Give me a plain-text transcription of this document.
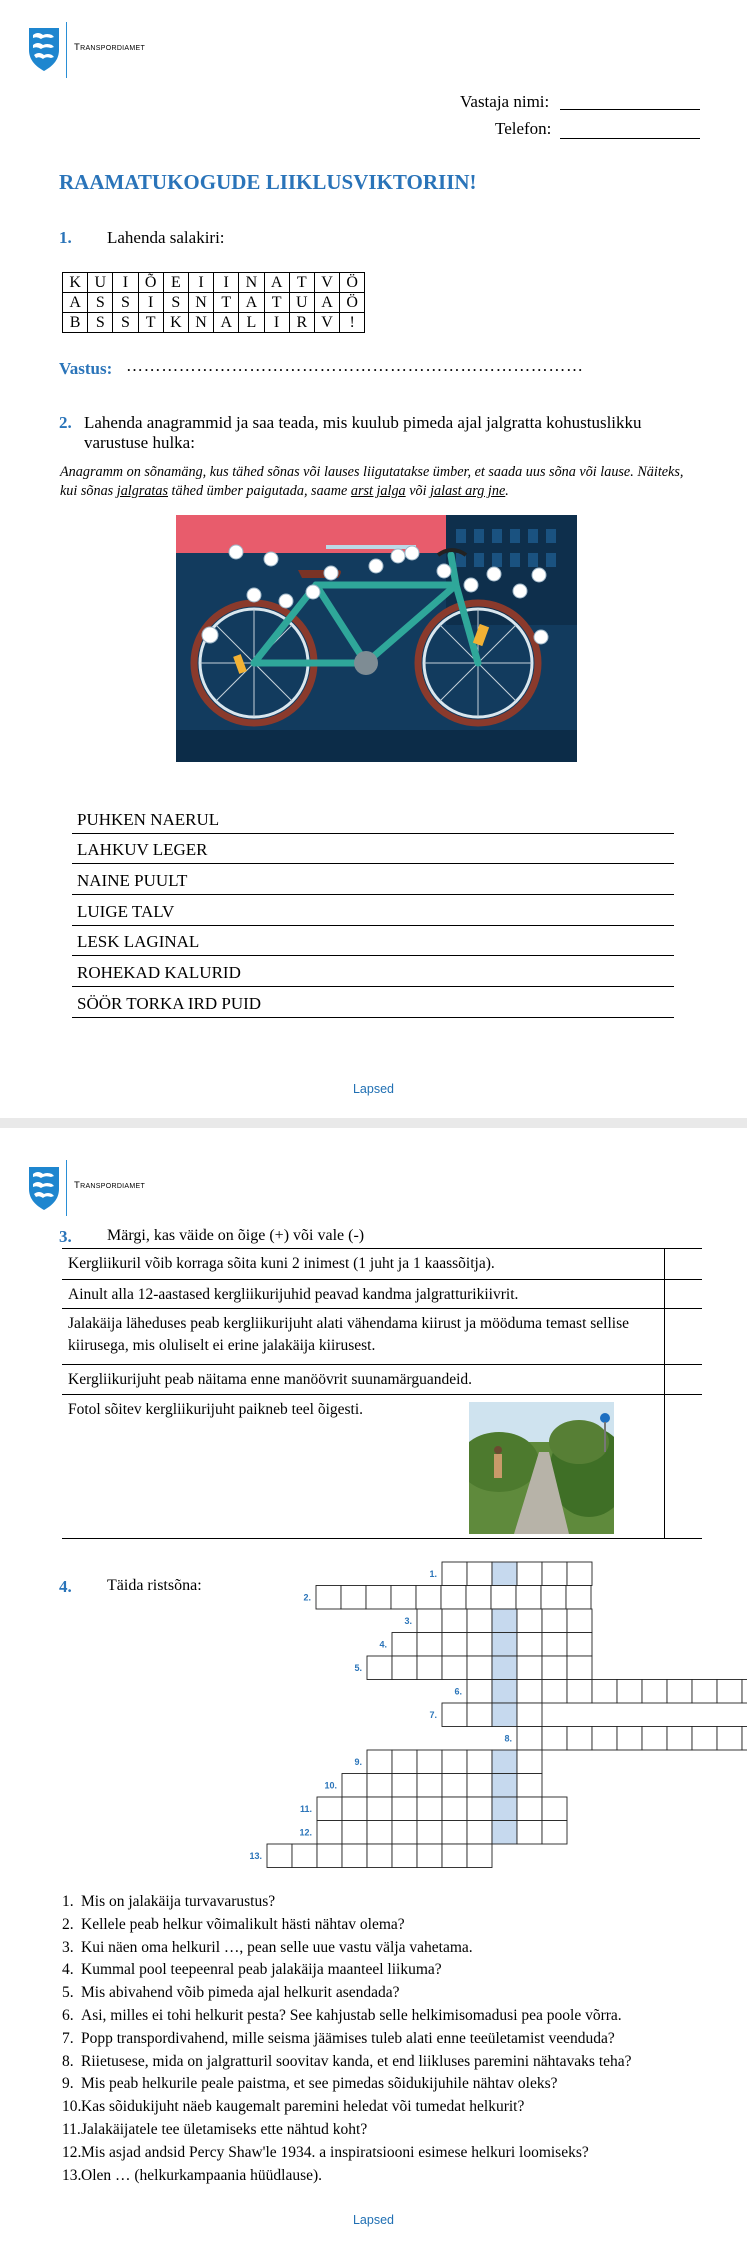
Transpordiamet
Vastaja nimi:
Telefon:
RAAMATUKOGUDE LIIKLUSVIKTORIIN!
1. Lahenda salakiri:
K	U	I	Õ	E	I	I	N	A	T	V	Ö
A	S	S	I	S	N	T	A	T	U	A	Ö
B	S	S	T	K	N	A	L	I	R	V	!
Vastus: ……………………………………………………………………
2. Lahenda anagrammid ja saa teada, mis kuulub pimeda ajal jalgratta kohustuslikku
varustuse hulka:
Anagramm on sõnamäng, kus tähed sõnas või lauses liigutatakse ümber, et saada uus sõna või lause. Näiteks, kui sõnas jalgratas tähed ümber paigutada, saame arst jalga või jalast arg jne.
PUHKEN NAERUL
LAHKUV LEGER
NAINE PUULT
LUIGE TALV
LESK LAGINAL
ROHEKAD KALURID
SÖÖR TORKA IRD PUID
Lapsed
Transpordiamet
3. Märgi, kas väide on õige (+) või vale (-)
Kergliikuril võib korraga sõita kuni 2 inimest (1 juht ja 1 kaassõitja).
Ainult alla 12-aastased kergliikurijuhid peavad kandma jalgratturikiivrit.
Jalakäija läheduses peab kergliikurijuht alati vähendama kiirust ja mööduma temast sellise kiirusega, mis oluliselt ei erine jalakäija kiirusest.
Kergliikurijuht peab näitama enne manöövrit suunamärguandeid.
Fotol sõitev kergliikurijuht paikneb teel õigesti.
4. Täida ristsõna:
1.
2.
3.
4.
5.
6.
7.
8.
9.
10.
11.
12.
13.
1. Mis on jalakäija turvavarustus?
2. Kellele peab helkur võimalikult hästi nähtav olema?
3. Kui näen oma helkuril …, pean selle uue vastu välja vahetama.
4. Kummal pool teepeenral peab jalakäija maanteel liikuma?
5. Mis abivahend võib pimeda ajal helkurit asendada?
6. Asi, milles ei tohi helkurit pesta? See kahjustab selle helkimisomadusi pea poole võrra.
7. Popp transpordivahend, mille seisma jäämises tuleb alati enne teeületamist veenduda?
8. Riietusese, mida on jalgratturil soovitav kanda, et end liikluses paremini nähtavaks teha?
9. Mis peab helkurile peale paistma, et see pimedas sõidukijuhile nähtav oleks?
10.Kas sõidukijuht näeb kaugemalt paremini heledat või tumedat helkurit?
11.Jalakäijatele tee ületamiseks ette nähtud koht?
12.Mis asjad andsid Percy Shaw'le 1934. a inspiratsiooni esimese helkuri loomiseks?
13.Olen … (helkurkampaania hüüdlause).
Lapsed
